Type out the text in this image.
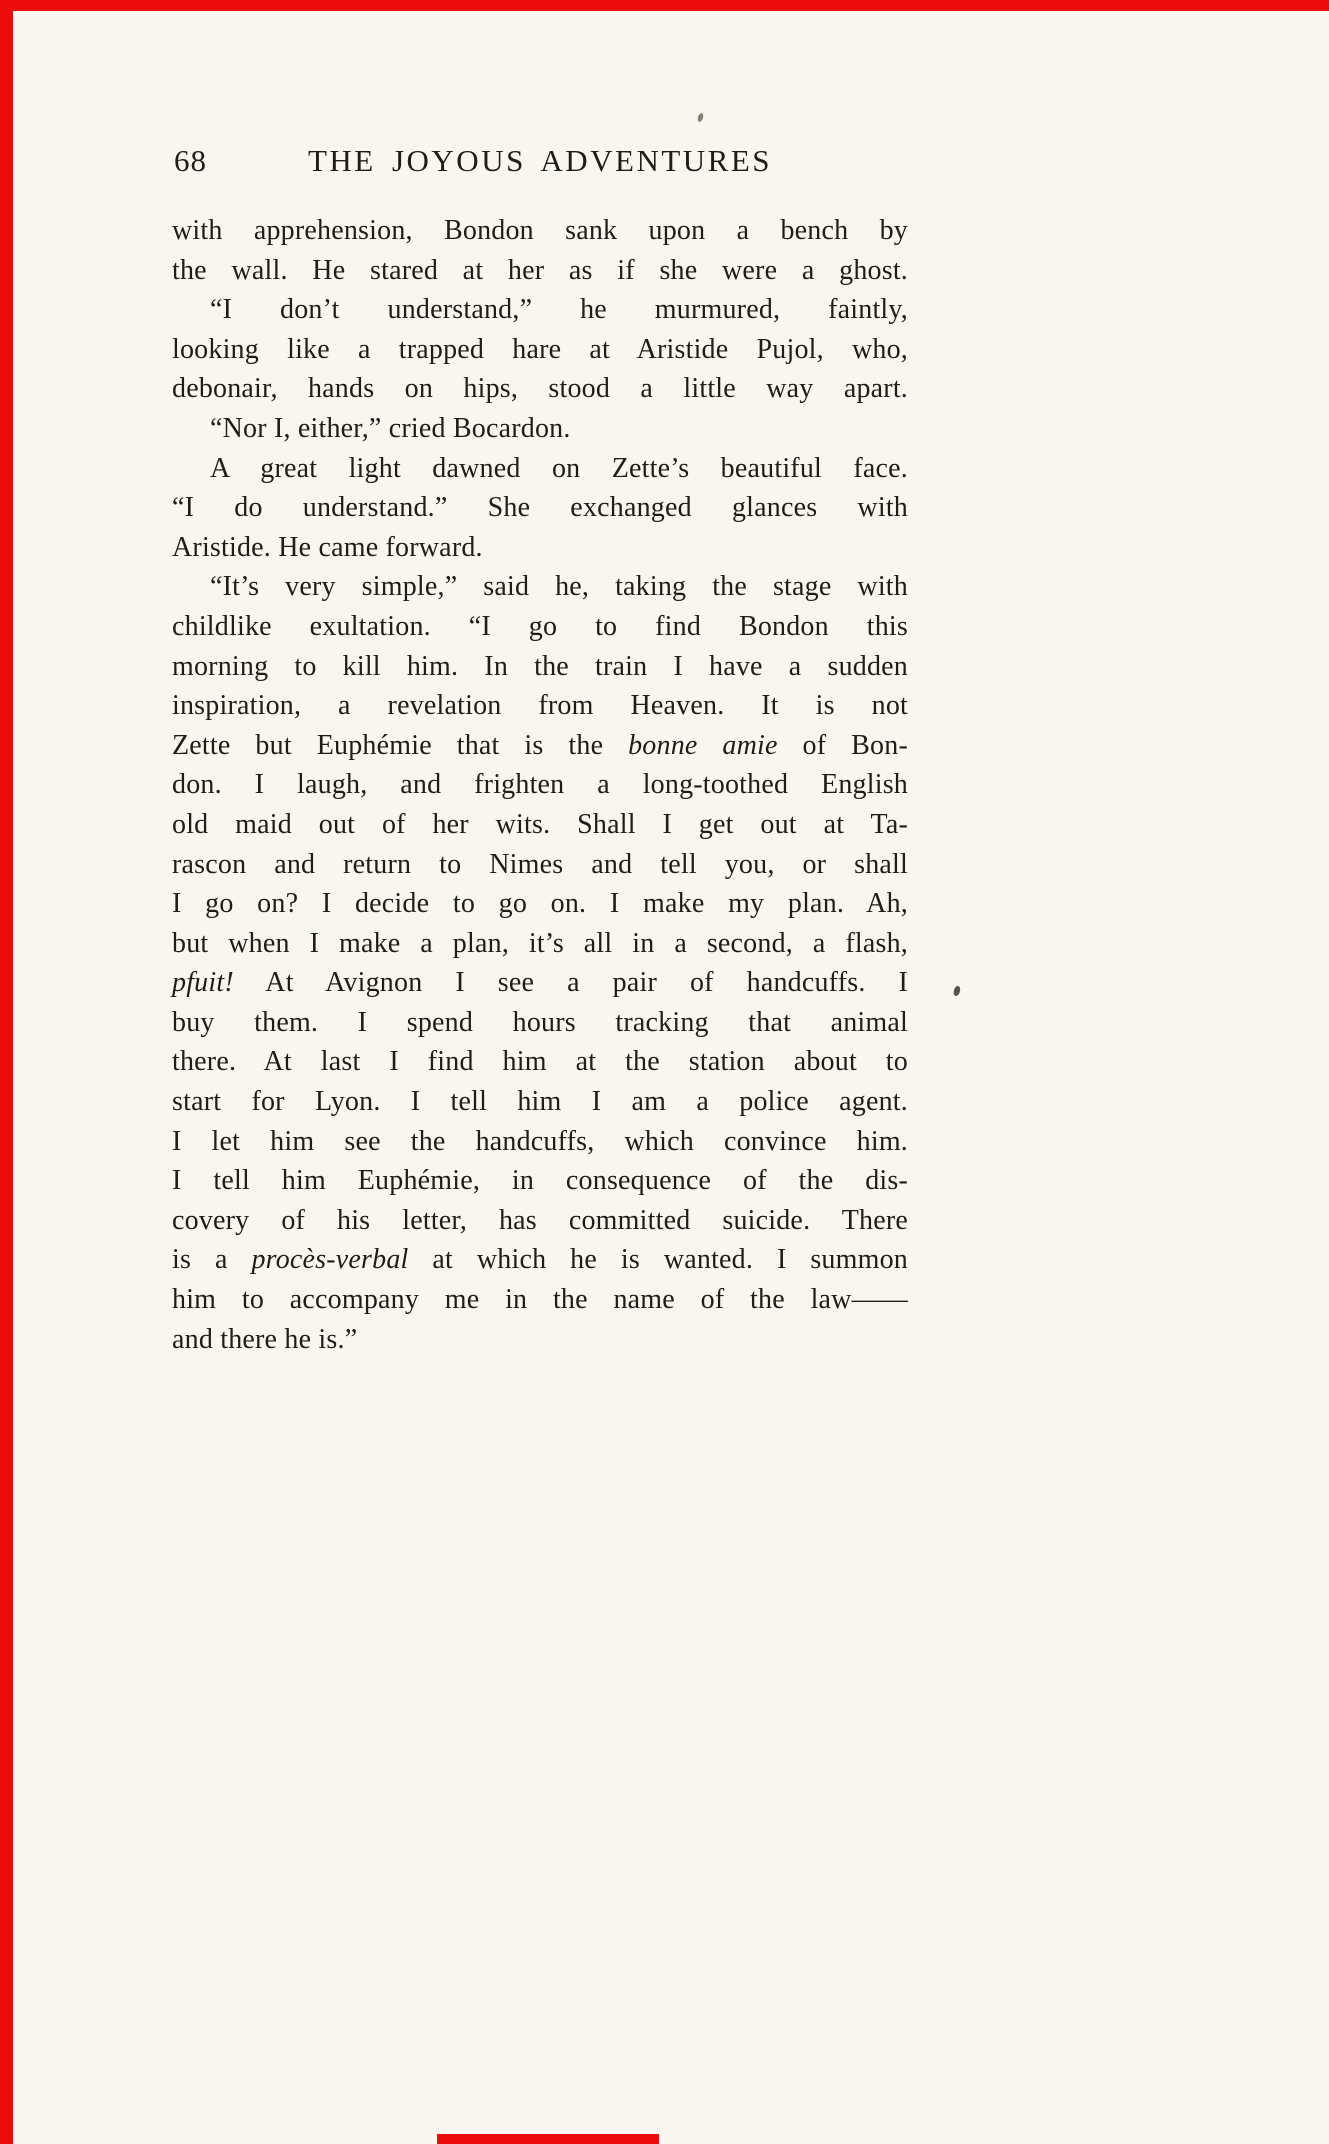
68	THE JOYOUS ADVENTURES

with apprehension, Bondon sank upon a bench by
the wall. He stared at her as if she were a ghost.

“I don’t understand,” he murmured, faintly,
looking like a trapped hare at Aristide Pujol, who,
debonair, hands on hips, stood a little way apart.

“Nor I, either,” cried Bocardon.

A great light dawned on Zette’s beautiful face.
“I do understand.” She exchanged glances with
Aristide. He came forward.

“It’s very simple,” said he, taking the stage with
childlike exultation. “I go to find Bondon this
morning to kill him. In the train I have a sudden
inspiration, a revelation from Heaven. It is not
Zette but Euphémie that is the bonne amie of Bon-
don. I laugh, and frighten a long-toothed English
old maid out of her wits. Shall I get out at Ta-
rascon and return to Nimes and tell you, or shall
I go on? I decide to go on. I make my plan. Ah,
but when I make a plan, it’s all in a second, a flash,
pfuit! At Avignon I see a pair of handcuffs. I
buy them. I spend hours tracking that animal
there. At last I find him at the station about to
start for Lyon. I tell him I am a police agent.
I let him see the handcuffs, which convince him.
I tell him Euphémie, in consequence of the dis-
covery of his letter, has committed suicide. There
is a procès-verbal at which he is wanted. I summon
him to accompany me in the name of the law——
and there he is.”
